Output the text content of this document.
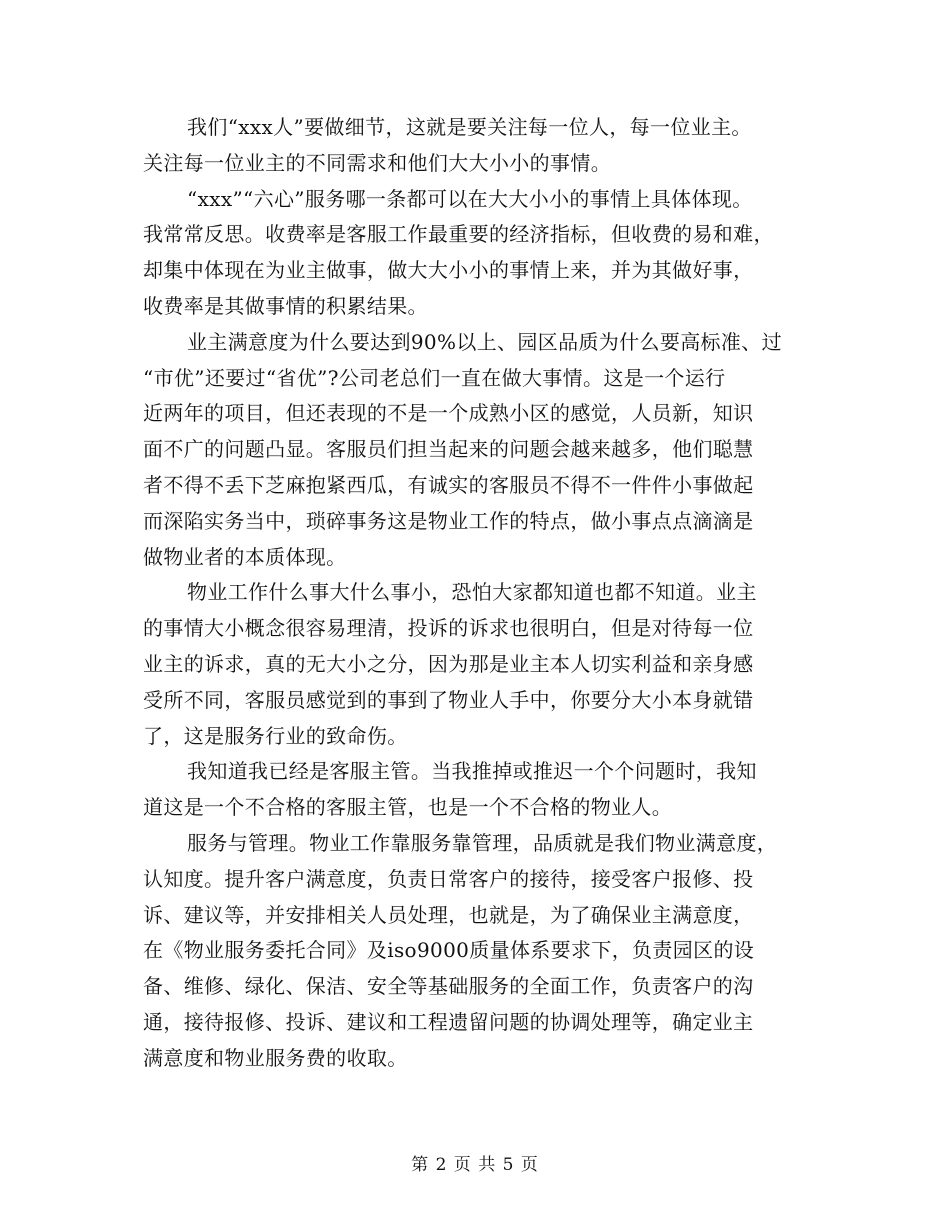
我们“xxx人”要做细节，这就是要关注每一位人，每一位业主。
关注每一位业主的不同需求和他们大大小小的事情。
“xxx”“六心”服务哪一条都可以在大大小小的事情上具体体现。
我常常反思。收费率是客服工作最重要的经济指标，但收费的易和难，
却集中体现在为业主做事，做大大小小的事情上来，并为其做好事，
收费率是其做事情的积累结果。
业主满意度为什么要达到90%以上、园区品质为什么要高标准、过
“市优”还要过“省优”?公司老总们一直在做大事情。这是一个运行
近两年的项目，但还表现的不是一个成熟小区的感觉，人员新，知识
面不广的问题凸显。客服员们担当起来的问题会越来越多，他们聪慧
者不得不丢下芝麻抱紧西瓜，有诚实的客服员不得不一件件小事做起
而深陷实务当中，琐碎事务这是物业工作的特点，做小事点点滴滴是
做物业者的本质体现。
物业工作什么事大什么事小，恐怕大家都知道也都不知道。业主
的事情大小概念很容易理清，投诉的诉求也很明白，但是对待每一位
业主的诉求，真的无大小之分，因为那是业主本人切实利益和亲身感
受所不同，客服员感觉到的事到了物业人手中，你要分大小本身就错
了，这是服务行业的致命伤。
我知道我已经是客服主管。当我推掉或推迟一个个问题时，我知
道这是一个不合格的客服主管，也是一个不合格的物业人。
服务与管理。物业工作靠服务靠管理，品质就是我们物业满意度，
认知度。提升客户满意度，负责日常客户的接待，接受客户报修、投
诉、建议等，并安排相关人员处理，也就是，为了确保业主满意度，
在《物业服务委托合同》及iso9000质量体系要求下，负责园区的设
备、维修、绿化、保洁、安全等基础服务的全面工作，负责客户的沟
通，接待报修、投诉、建议和工程遗留问题的协调处理等，确定业主
满意度和物业服务费的收取。
第 2 页 共 5 页
